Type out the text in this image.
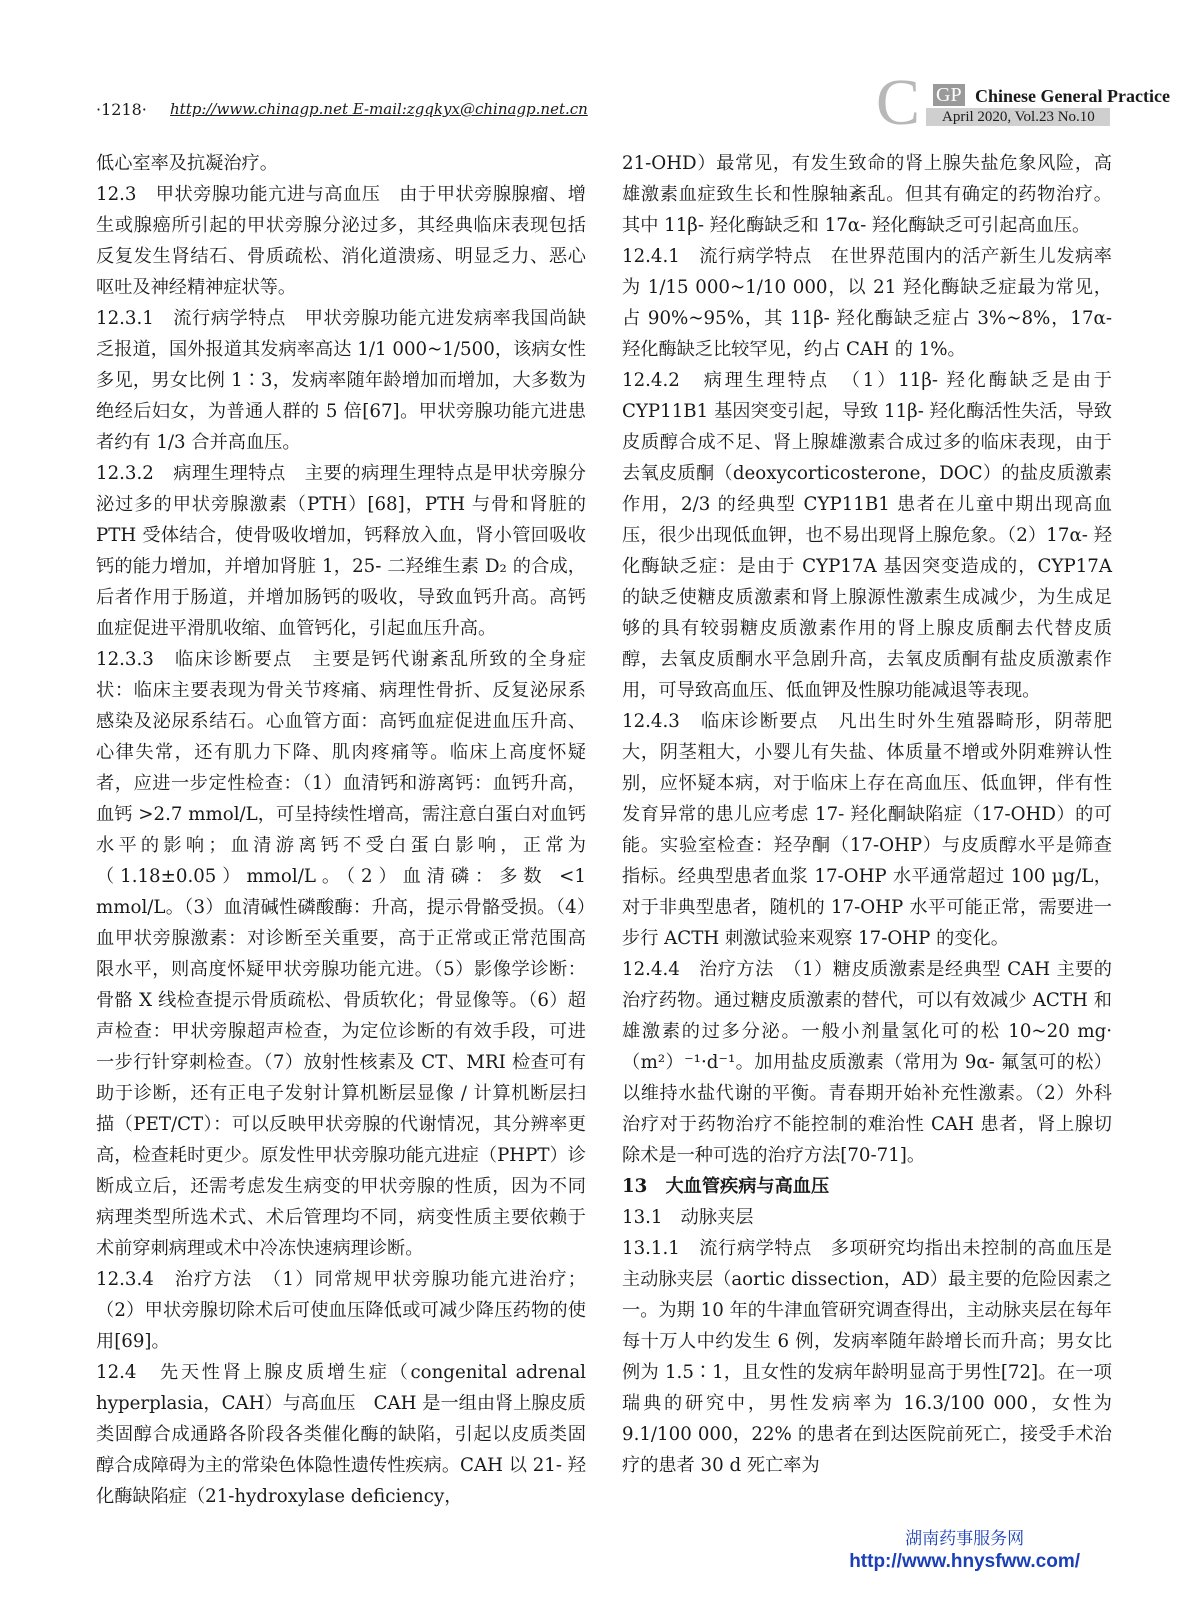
·1218· http://www.chinagp.net E-mail:zgqkyx@chinagp.net.cn	C GP Chinese General Practice
April 2020, Vol.23 No.10

低心室率及抗凝治疗。

12.3　甲状旁腺功能亢进与高血压　由于甲状旁腺腺瘤、增生或腺癌所引起的甲状旁腺分泌过多，其经典临床表现包括反复发生肾结石、骨质疏松、消化道溃疡、明显乏力、恶心呕吐及神经精神症状等。

12.3.1　流行病学特点　甲状旁腺功能亢进发病率我国尚缺乏报道，国外报道其发病率高达 1/1 000~1/500，该病女性多见，男女比例 1∶3，发病率随年龄增加而增加，大多数为绝经后妇女，为普通人群的 5 倍[67]。甲状旁腺功能亢进患者约有 1/3 合并高血压。

12.3.2　病理生理特点　主要的病理生理特点是甲状旁腺分泌过多的甲状旁腺激素（PTH）[68]，PTH 与骨和肾脏的 PTH 受体结合，使骨吸收增加，钙释放入血，肾小管回吸收钙的能力增加，并增加肾脏 1，25- 二羟维生素 D₂ 的合成，后者作用于肠道，并增加肠钙的吸收，导致血钙升高。高钙血症促进平滑肌收缩、血管钙化，引起血压升高。

12.3.3　临床诊断要点　主要是钙代谢紊乱所致的全身症状：临床主要表现为骨关节疼痛、病理性骨折、反复泌尿系感染及泌尿系结石。心血管方面：高钙血症促进血压升高、心律失常，还有肌力下降、肌肉疼痛等。临床上高度怀疑者，应进一步定性检查：（1）血清钙和游离钙：血钙升高，血钙 >2.7 mmol/L，可呈持续性增高，需注意白蛋白对血钙水平的影响；血清游离钙不受白蛋白影响，正常为（1.18±0.05）mmol/L。（2）血清磷：多数 <1 mmol/L。（3）血清碱性磷酸酶：升高，提示骨骼受损。（4）血甲状旁腺激素：对诊断至关重要，高于正常或正常范围高限水平，则高度怀疑甲状旁腺功能亢进。（5）影像学诊断：骨骼 X 线检查提示骨质疏松、骨质软化；骨显像等。（6）超声检查：甲状旁腺超声检查，为定位诊断的有效手段，可进一步行针穿刺检查。（7）放射性核素及 CT、MRI 检查可有助于诊断，还有正电子发射计算机断层显像 / 计算机断层扫描（PET/CT）：可以反映甲状旁腺的代谢情况，其分辨率更高，检查耗时更少。原发性甲状旁腺功能亢进症（PHPT）诊断成立后，还需考虑发生病变的甲状旁腺的性质，因为不同病理类型所选术式、术后管理均不同，病变性质主要依赖于术前穿刺病理或术中冷冻快速病理诊断。

12.3.4　治疗方法　（1）同常规甲状旁腺功能亢进治疗；（2）甲状旁腺切除术后可使血压降低或可减少降压药物的使用[69]。

12.4　先天性肾上腺皮质增生症（congenital adrenal hyperplasia，CAH）与高血压　CAH 是一组由肾上腺皮质类固醇合成通路各阶段各类催化酶的缺陷，引起以皮质类固醇合成障碍为主的常染色体隐性遗传性疾病。CAH 以 21- 羟化酶缺陷症（21-hydroxylase deficiency，

21-OHD）最常见，有发生致命的肾上腺失盐危象风险，高雄激素血症致生长和性腺轴紊乱。但其有确定的药物治疗。其中 11β- 羟化酶缺乏和 17α- 羟化酶缺乏可引起高血压。

12.4.1　流行病学特点　在世界范围内的活产新生儿发病率为 1/15 000~1/10 000，以 21 羟化酶缺乏症最为常见，占 90%~95%，其 11β- 羟化酶缺乏症占 3%~8%，17α- 羟化酶缺乏比较罕见，约占 CAH 的 1%。

12.4.2　病理生理特点　（1）11β- 羟化酶缺乏是由于 CYP11B1 基因突变引起，导致 11β- 羟化酶活性失活，导致皮质醇合成不足、肾上腺雄激素合成过多的临床表现，由于去氧皮质酮（deoxycorticosterone，DOC）的盐皮质激素作用，2/3 的经典型 CYP11B1 患者在儿童中期出现高血压，很少出现低血钾，也不易出现肾上腺危象。（2）17α- 羟化酶缺乏症：是由于 CYP17A 基因突变造成的，CYP17A 的缺乏使糖皮质激素和肾上腺源性激素生成减少，为生成足够的具有较弱糖皮质激素作用的肾上腺皮质酮去代替皮质醇，去氧皮质酮水平急剧升高，去氧皮质酮有盐皮质激素作用，可导致高血压、低血钾及性腺功能减退等表现。

12.4.3　临床诊断要点　凡出生时外生殖器畸形，阴蒂肥大，阴茎粗大，小婴儿有失盐、体质量不增或外阴难辨认性别，应怀疑本病，对于临床上存在高血压、低血钾，伴有性发育异常的患儿应考虑 17- 羟化酮缺陷症（17-OHD）的可能。实验室检查：羟孕酮（17-OHP）与皮质醇水平是筛查指标。经典型患者血浆 17-OHP 水平通常超过 100 μg/L，对于非典型患者，随机的 17-OHP 水平可能正常，需要进一步行 ACTH 刺激试验来观察 17-OHP 的变化。

12.4.4　治疗方法　（1）糖皮质激素是经典型 CAH 主要的治疗药物。通过糖皮质激素的替代，可以有效减少 ACTH 和雄激素的过多分泌。一般小剂量氢化可的松 10~20 mg·（m²）⁻¹·d⁻¹。加用盐皮质激素（常用为 9α- 氟氢可的松）以维持水盐代谢的平衡。青春期开始补充性激素。（2）外科治疗对于药物治疗不能控制的难治性 CAH 患者，肾上腺切除术是一种可选的治疗方法[70-71]。

13　大血管疾病与高血压

13.1　动脉夹层

13.1.1　流行病学特点　多项研究均指出未控制的高血压是主动脉夹层（aortic dissection，AD）最主要的危险因素之一。为期 10 年的牛津血管研究调查得出，主动脉夹层在每年每十万人中约发生 6 例，发病率随年龄增长而升高；男女比例为 1.5∶1，且女性的发病年龄明显高于男性[72]。在一项瑞典的研究中，男性发病率为 16.3/100 000，女性为 9.1/100 000，22% 的患者在到达医院前死亡，接受手术治疗的患者 30 d 死亡率为

湖南药事服务网
http://www.hnysfww.com/
